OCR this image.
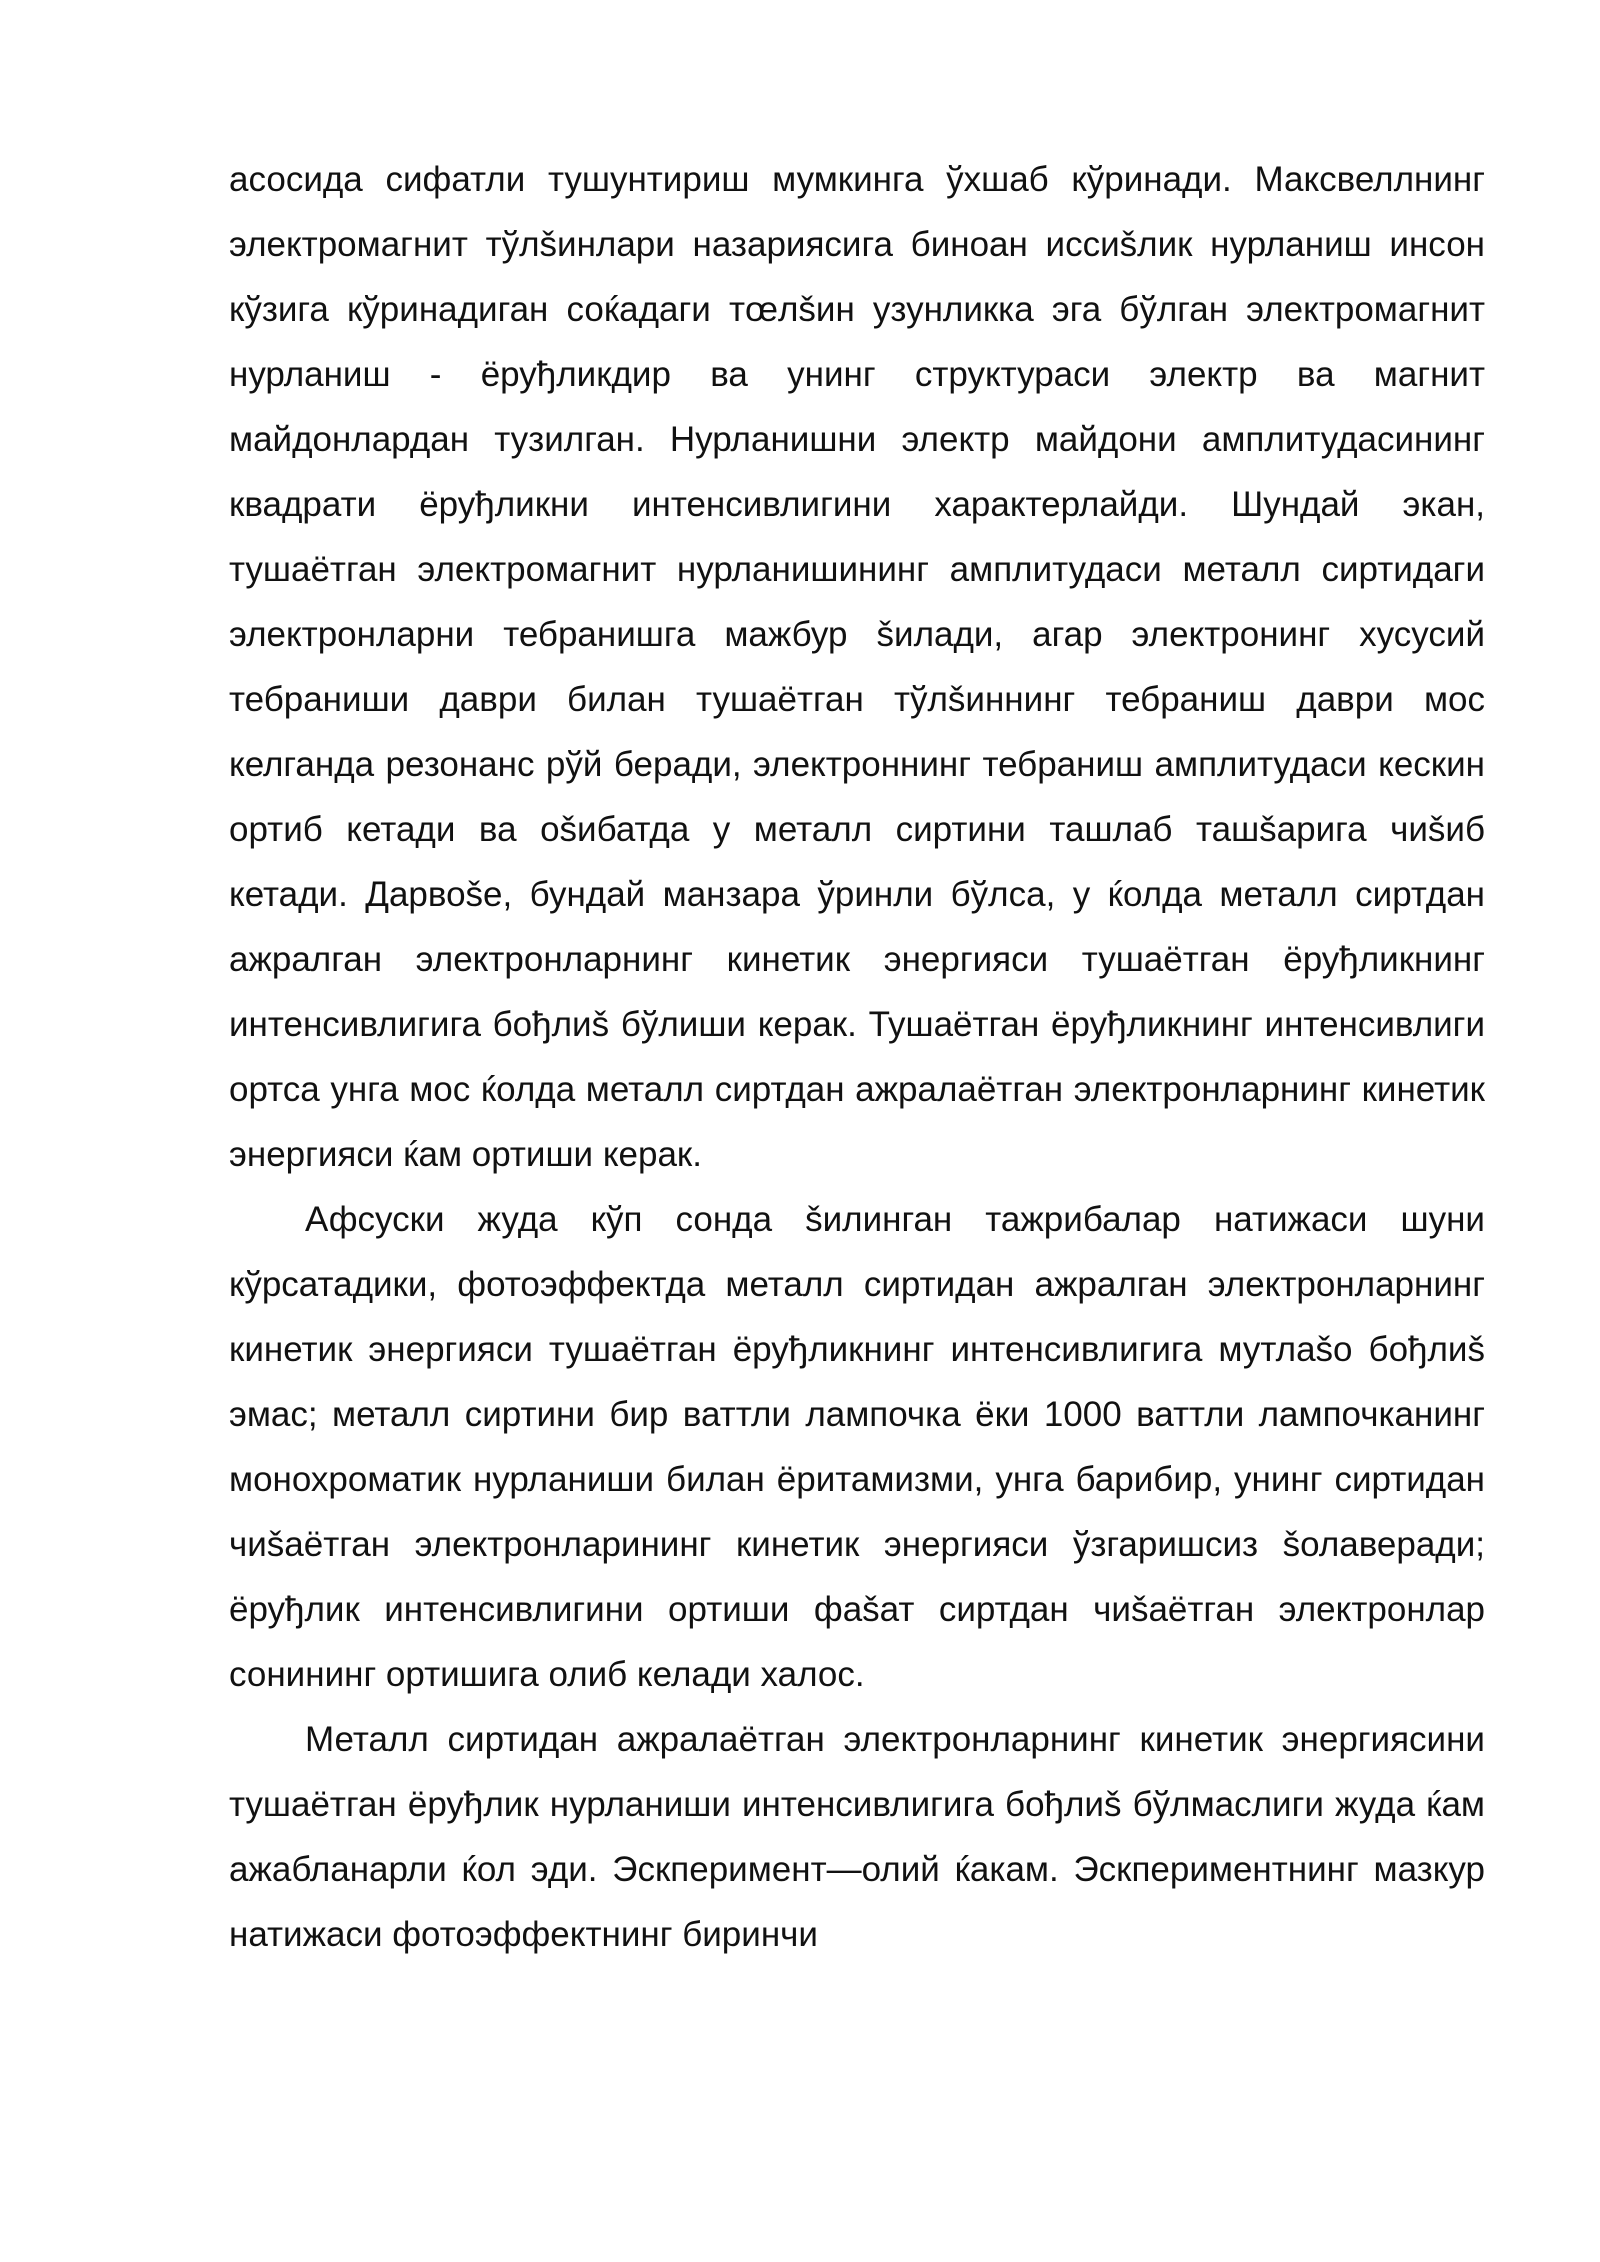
асосида сифатли тушунтириш мумкинга ўхшаб кўринади. Максвеллнинг электромагнит тўлšинлари назариясига биноан иссиšлик нурланиш инсон кўзига кўринадиган соќадаги тœлšин узунликка эга бўлган электромагнит нурланиш - ёруђликдир ва унинг структураси электр ва магнит майдонлардан тузилган. Нурланишни электр майдони амплитудасининг квадрати ёруђликни интенсивлигини характерлайди. Шундай экан, тушаётган электромагнит нурланишининг амплитудаси металл сиртидаги электронларни тебранишга мажбур šилади, агар электронинг хусусий тебраниши даври билан тушаётган тўлšиннинг тебраниш даври мос келганда резонанс рўй беради, электроннинг тебраниш амплитудаси кескин ортиб кетади ва ošибатда у металл сиртини ташлаб ташšарига чиšиб кетади. Дарвоšе, бундай манзара ўринли бўлса, у ќолда металл сиртдан ажралган электронларнинг кинетик энергияси тушаётган ёруђликнинг интенсивлигига бођлиš бўлиши керак. Тушаётган ёруђликнинг интенсивлиги ортса унга мос ќолда металл сиртдан ажралаётган электронларнинг кинетик энергияси ќам ортиши керак.

Афсуски жуда кўп сонда šилинган тажрибалар натижаси шуни кўрсатадики, фотоэффектда металл сиртидан ажралган электронларнинг кинетик энергияси тушаётган ёруђликнинг интенсивлигига мутлašо бођлиš эмас; металл сиртини бир ваттли лампочка ёки 1000 ваттли лампочканинг монохроматик нурланиши билан ёритамизми, унга барибир, унинг сиртидан чиšаётган электронларининг кинетик энергияси ўзгаришсиз šолаверади; ёруђлик интенсивлигини ортиши фašат сиртдан чиšаётган электронлар сонининг ортишига олиб келади халос.

Металл сиртидан ажралаётган электронларнинг кинетик энергиясини тушаётган ёруђлик нурланиши интенсивлигига бођлиš бўлмаслиги жуда ќам ажабланарли ќол эди. Эскперимент—олий ќакам. Эскпериментнинг мазкур натижаси фотоэффектнинг биринчи
